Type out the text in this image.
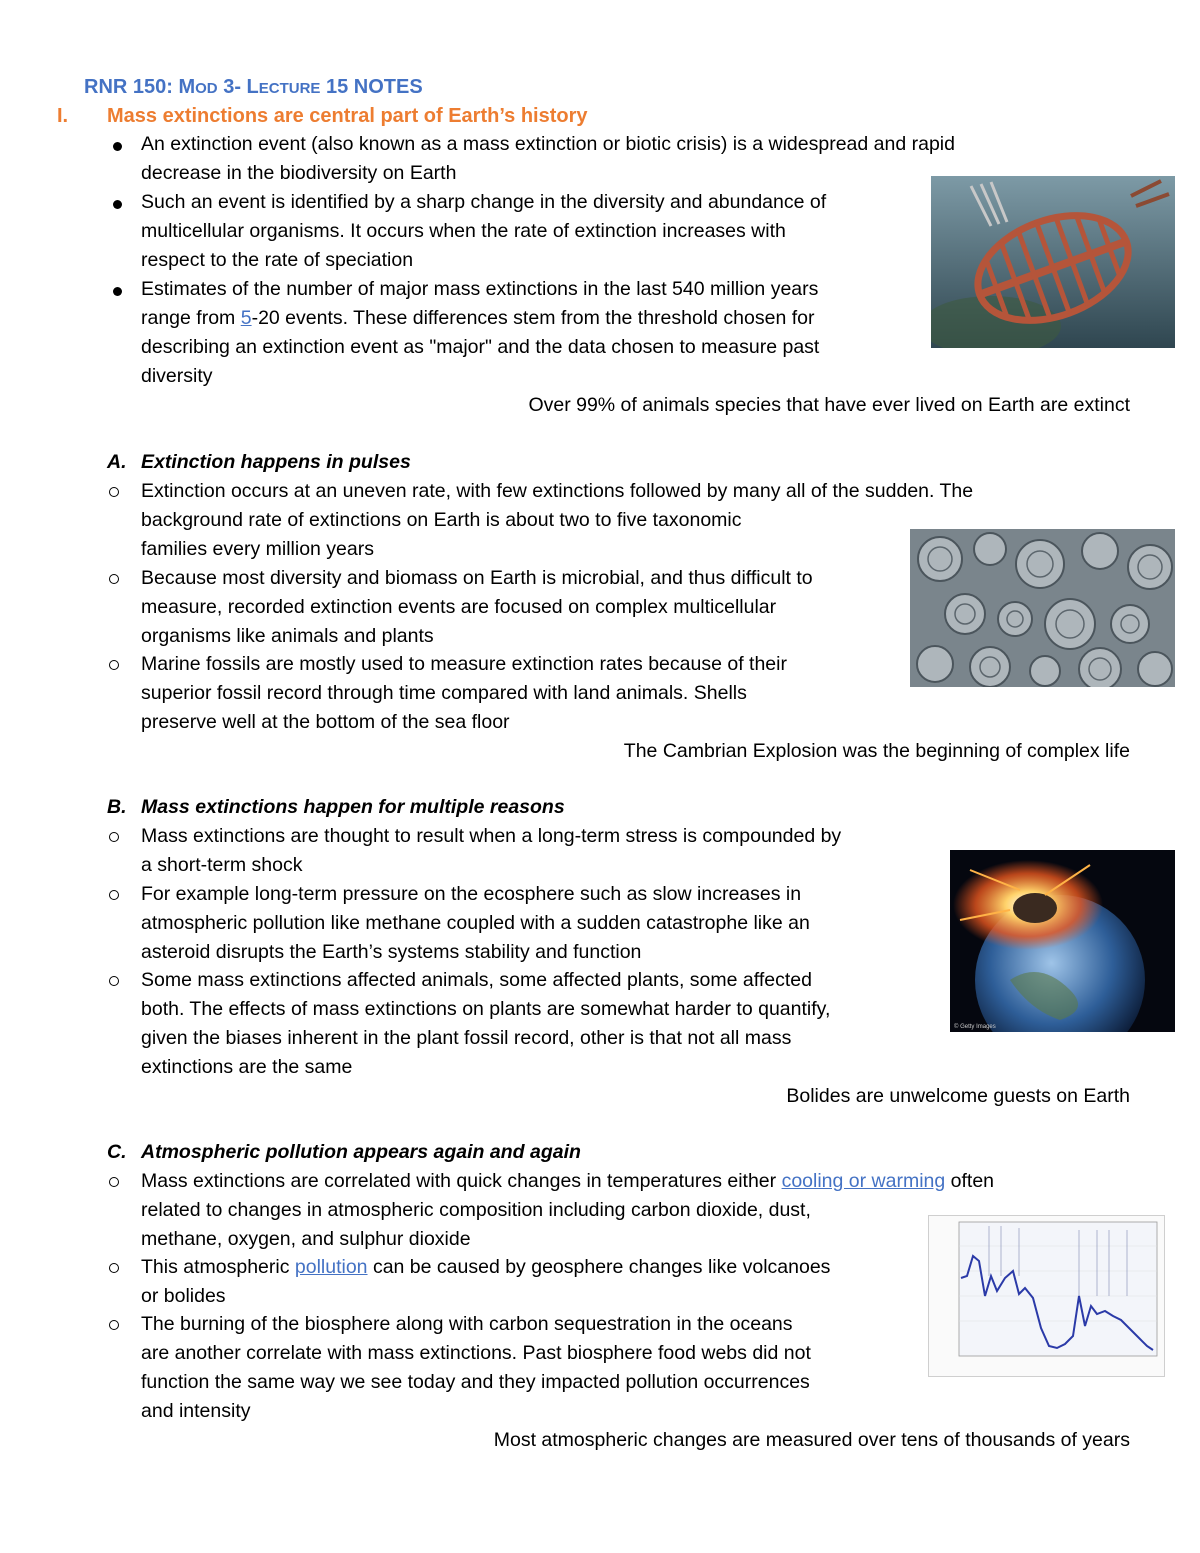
RNR 150: MOD 3- LECTURE 15 NOTES
I. Mass extinctions are central part of Earth’s history
An extinction event (also known as a mass extinction or biotic crisis) is a widespread and rapid
decrease in the biodiversity on Earth
Such an event is identified by a sharp change in the diversity and abundance of
multicellular organisms. It occurs when the rate of extinction increases with
respect to the rate of speciation
Estimates of the number of major mass extinctions in the last 540 million years
range from 5-20 events. These differences stem from the threshold chosen for
describing an extinction event as "major" and the data chosen to measure past
diversity
Over 99% of animals species that have ever lived on Earth are extinct
A. Extinction happens in pulses
Extinction occurs at an uneven rate, with few extinctions followed by many all of the sudden. The
background rate of extinctions on Earth is about two to five taxonomic
families every million years
Because most diversity and biomass on Earth is microbial, and thus difficult to
measure, recorded extinction events are focused on complex multicellular
organisms like animals and plants
Marine fossils are mostly used to measure extinction rates because of their
superior fossil record through time compared with land animals. Shells
preserve well at the bottom of the sea floor
The Cambrian Explosion was the beginning of complex life
B. Mass extinctions happen for multiple reasons
Mass extinctions are thought to result when a long-term stress is compounded by
a short-term shock
For example long-term pressure on the ecosphere such as slow increases in
atmospheric pollution like methane coupled with a sudden catastrophe like an
asteroid disrupts the Earth’s systems stability and function
Some mass extinctions affected animals, some affected plants, some affected
both. The effects of mass extinctions on plants are somewhat harder to quantify,
given the biases inherent in the plant fossil record, other is that not all mass
extinctions are the same
Bolides are unwelcome guests on Earth
© Getty Images
C. Atmospheric pollution appears again and again
Mass extinctions are correlated with quick changes in temperatures either cooling or warming often
related to changes in atmospheric composition including carbon dioxide, dust,
methane, oxygen, and sulphur dioxide
This atmospheric pollution can be caused by geosphere changes like volcanoes
or bolides
The burning of the biosphere along with carbon sequestration in the oceans
are another correlate with mass extinctions. Past biosphere food webs did not
function the same way we see today and they impacted pollution occurrences
and intensity
Most atmospheric changes are measured over tens of thousands of years
